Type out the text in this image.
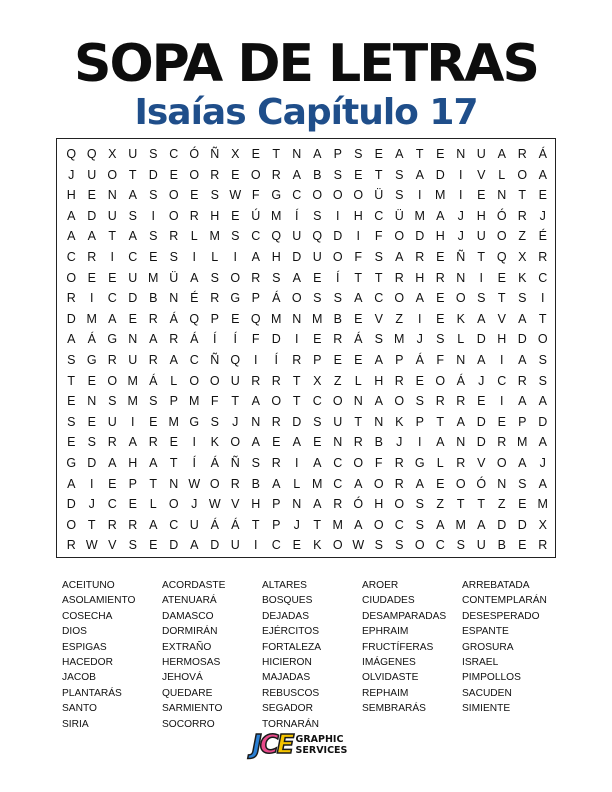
SOPA DE LETRAS
Isaías Capítulo 17
Q Q X U S C Ó Ñ X E	T N A P S E A	T	E N U A R Á
J	U O T D E O R E O R A B S E	T	S A D	I	V	L O A
H E N A S O E S W F G C O O O Ü S	I	M	I	E N T	E
A D U S	I	O R H E Ú M	Í	S	I	H C Ü M A	J	H Ó R	J
A A	T	A S R	L M S C Q U Q D	I	F O D H	J	U O Z	É
C R	I	C E S	I	L	I	A H D U O F	S A R E Ñ T Q X R
O E E U M Ü A S O R S A E	Í	T	T R H R N	I	E K C
R	I	C D B N É R G P Á O S S A C O A E O S	T	S	I
D M A E R Á Q P E Q M N M B E V	Z	I	E K A V A	T
A Á G N A R Á	Í	Í	F D	I	E R Á S M J	S	L	D H D O
S G R U R A C Ñ Q	I	Í	R P E E A P Á	F N A	I	A S
T	E O M Á	L O O U R R T	X	Z	L	H R E O Á	J	C R S
E N S M S P M F	T	A O T C O N A O S R R E	I	A A
S E U	I	E M G S	J	N R D S U T N K P	T	A D E P D
E S R A R E	I	K O A E A E N R B	J	I	A N D R M A
G D A H A	T	Í	Á Ñ S R	I	A C O F R G L	R V O A	J
A	I	E P	T N W O R B A	L M C A O R A E O Ó N S A
D	J	C E	L O	J W V H P N A R Ó H O S	Z	T	T	Z	E M
O T R R A C U Á Á	T	P	J	T M A O C S A M A D D X
R W V S E D A D U	I	C E K O W S S O C S U B E R
ACEITUNO
ASOLAMIENTO
COSECHA
DIOS
ESPIGAS
HACEDOR
JACOB
PLANTARÁS
SANTO
SIRIA
ACORDASTE
ATENUARÁ
DAMASCO
DORMIRÁN
EXTRAÑO
HERMOSAS
JEHOVÁ
QUEDARE
SARMIENTO
SOCORRO
ALTARES
BOSQUES
DEJADAS
EJÉRCITOS
FORTALEZA
HICIERON
MAJADAS
REBUSCOS
SEGADOR
TORNARÁN
AROER
CIUDADES
DESAMPARADAS
EPHRAIM
FRUCTÍFERAS
IMÁGENES
OLVIDASTE
REPHAIM
SEMBRARÁS
ARREBATADA
CONTEMPLARÁN
DESESPERADO
ESPANTE
GROSURA
ISRAEL
PIMPOLLOS
SACUDEN
SIMIENTE
JCE GRAPHIC
SERVICES
